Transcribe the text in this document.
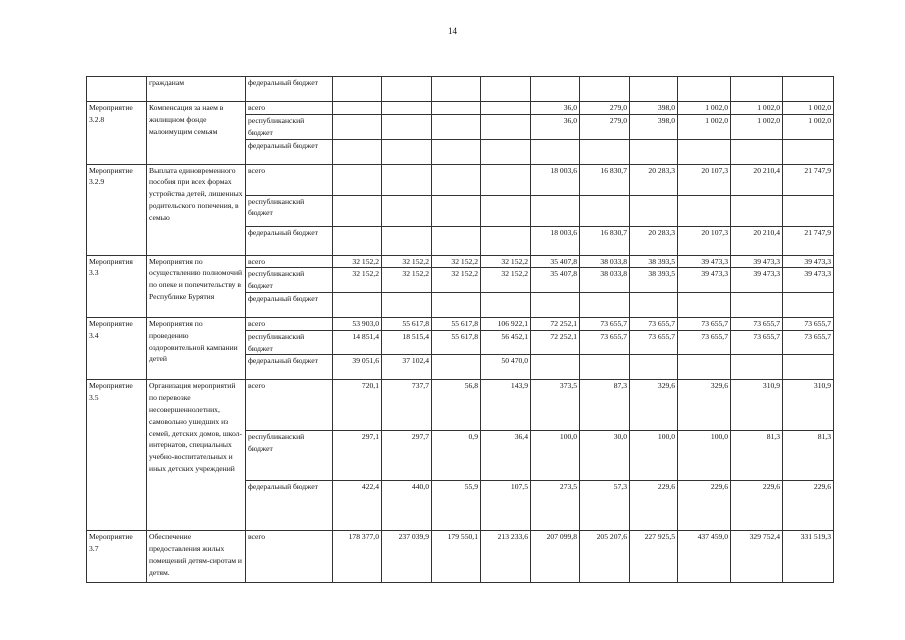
14
	гражданам	федеральный бюджет											
Мероприятие 3.2.8	Компенсация за наем в жилищном фонде малоимущим семьям	всего					36,0	279,0	398,0	1 002,0	1 002,0	1 002,0	
		республиканский бюджет					36,0	279,0	398,0	1 002,0	1 002,0	1 002,0	
		федеральный бюджет											
Мероприятие 3.2.9	Выплата единовременного пособия при всех формах устройства детей, лишенных родительского попечения, в семью	всего					18 003,6	16 830,7	20 283,3	20 107,3	20 210,4	21 747,9	
		республиканский бюджет											
		федеральный бюджет					18 003,6	16 830,7	20 283,3	20 107,3	20 210,4	21 747,9	
Мероприятия 3.3	Мероприятия по осуществлению полномочий по опеке и попечительству в Республике Бурятия	всего	32 152,2	32 152,2	32 152,2	32 152,2	35 407,8	38 033,8	38 393,5	39 473,3	39 473,3	39 473,3	
		республиканский бюджет	32 152,2	32 152,2	32 152,2	32 152,2	35 407,8	38 033,8	38 393,5	39 473,3	39 473,3	39 473,3	
		федеральный бюджет											
Мероприятие 3.4	Мероприятия по проведению оздоровительной кампании детей	всего	53 903,0	55 617,8	55 617,8	106 922,1	72 252,1	73 655,7	73 655,7	73 655,7	73 655,7	73 655,7	
		республиканский бюджет	14 851,4	18 515,4	55 617,8	56 452,1	72 252,1	73 655,7	73 655,7	73 655,7	73 655,7	73 655,7	
		федеральный бюджет	39 051,6	37 102,4		50 470,0							
Мероприятие 3.5	Организация мероприятий по перевозке несовершеннолетних, самовольно ушедших из семей, детских домов, школ-интернатов, специальных учебно-воспитательных и иных детских учреждений	всего	720,1	737,7	56,8	143,9	373,5	87,3	329,6	329,6	310,9	310,9	
		республиканский бюджет	297,1	297,7	0,9	36,4	100,0	30,0	100,0	100,0	81,3	81,3	
		федеральный бюджет	422,4	440,0	55,9	107,5	273,5	57,3	229,6	229,6	229,6	229,6	
Мероприятие 3.7	Обеспечение предоставления жилых помещений детям-сиротам и детям.	всего	178 377,0	237 039,9	179 550,1	213 233,6	207 099,8	205 207,6	227 925,5	437 459,0	329 752,4	331 519,3	
